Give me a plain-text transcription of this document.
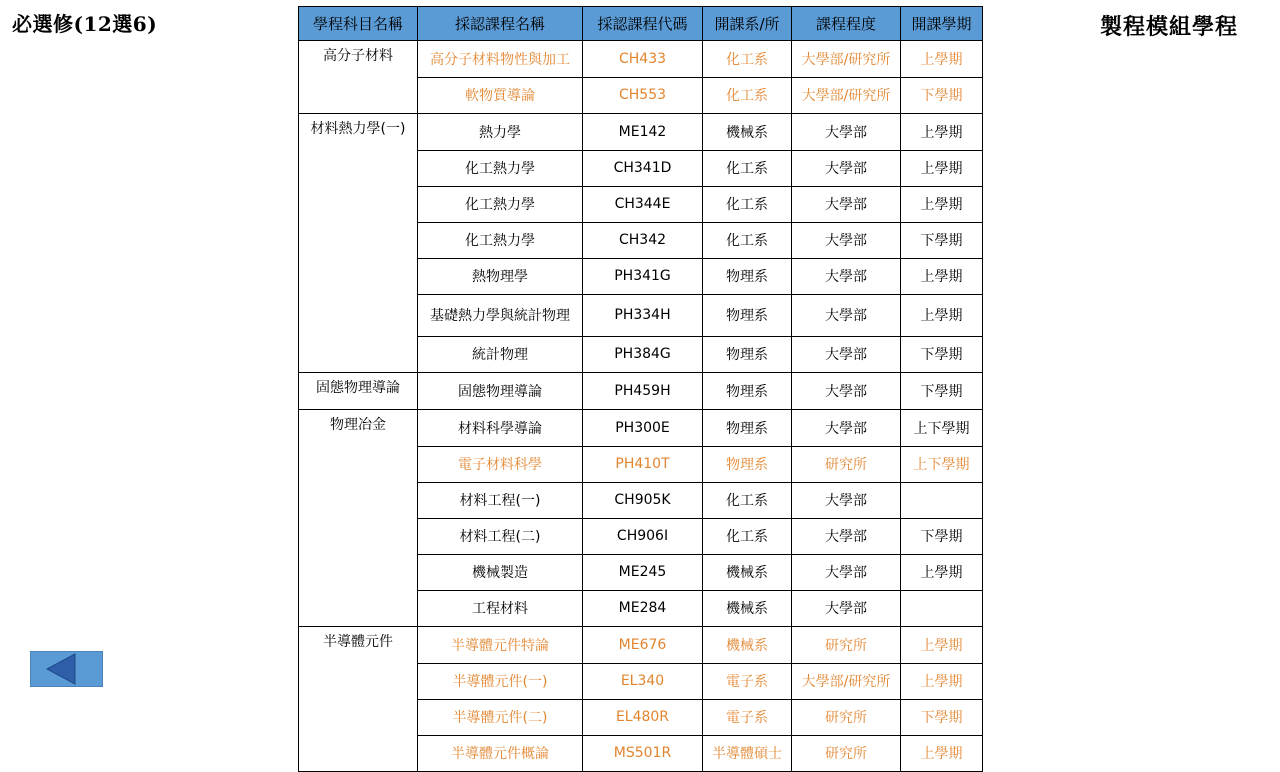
必選修(12選6)	製程模組學程
學程科目名稱	採認課程名稱	採認課程代碼	開課系/所	課程程度	開課學期
高分子材料	高分子材料物性與加工	CH433	化工系	大學部/研究所	上學期
	軟物質導論	CH553	化工系	大學部/研究所	下學期
材料熱力學(一)	熱力學	ME142	機械系	大學部	上學期
	化工熱力學	CH341D	化工系	大學部	上學期
	化工熱力學	CH344E	化工系	大學部	上學期
	化工熱力學	CH342	化工系	大學部	下學期
	熱物理學	PH341G	物理系	大學部	上學期
	基礎熱力學與統計物理	PH334H	物理系	大學部	上學期
	統計物理	PH384G	物理系	大學部	下學期
固態物理導論	固態物理導論	PH459H	物理系	大學部	下學期
物理冶金	材料科學導論	PH300E	物理系	大學部	上下學期
	電子材料科學	PH410T	物理系	研究所	上下學期
	材料工程(一)	CH905K	化工系	大學部	
	材料工程(二)	CH906I	化工系	大學部	下學期
	機械製造	ME245	機械系	大學部	上學期
	工程材料	ME284	機械系	大學部	
半導體元件	半導體元件特論	ME676	機械系	研究所	上學期
	半導體元件(一)	EL340	電子系	大學部/研究所	上學期
	半導體元件(二)	EL480R	電子系	研究所	下學期
	半導體元件概論	MS501R	半導體碩士	研究所	上學期
